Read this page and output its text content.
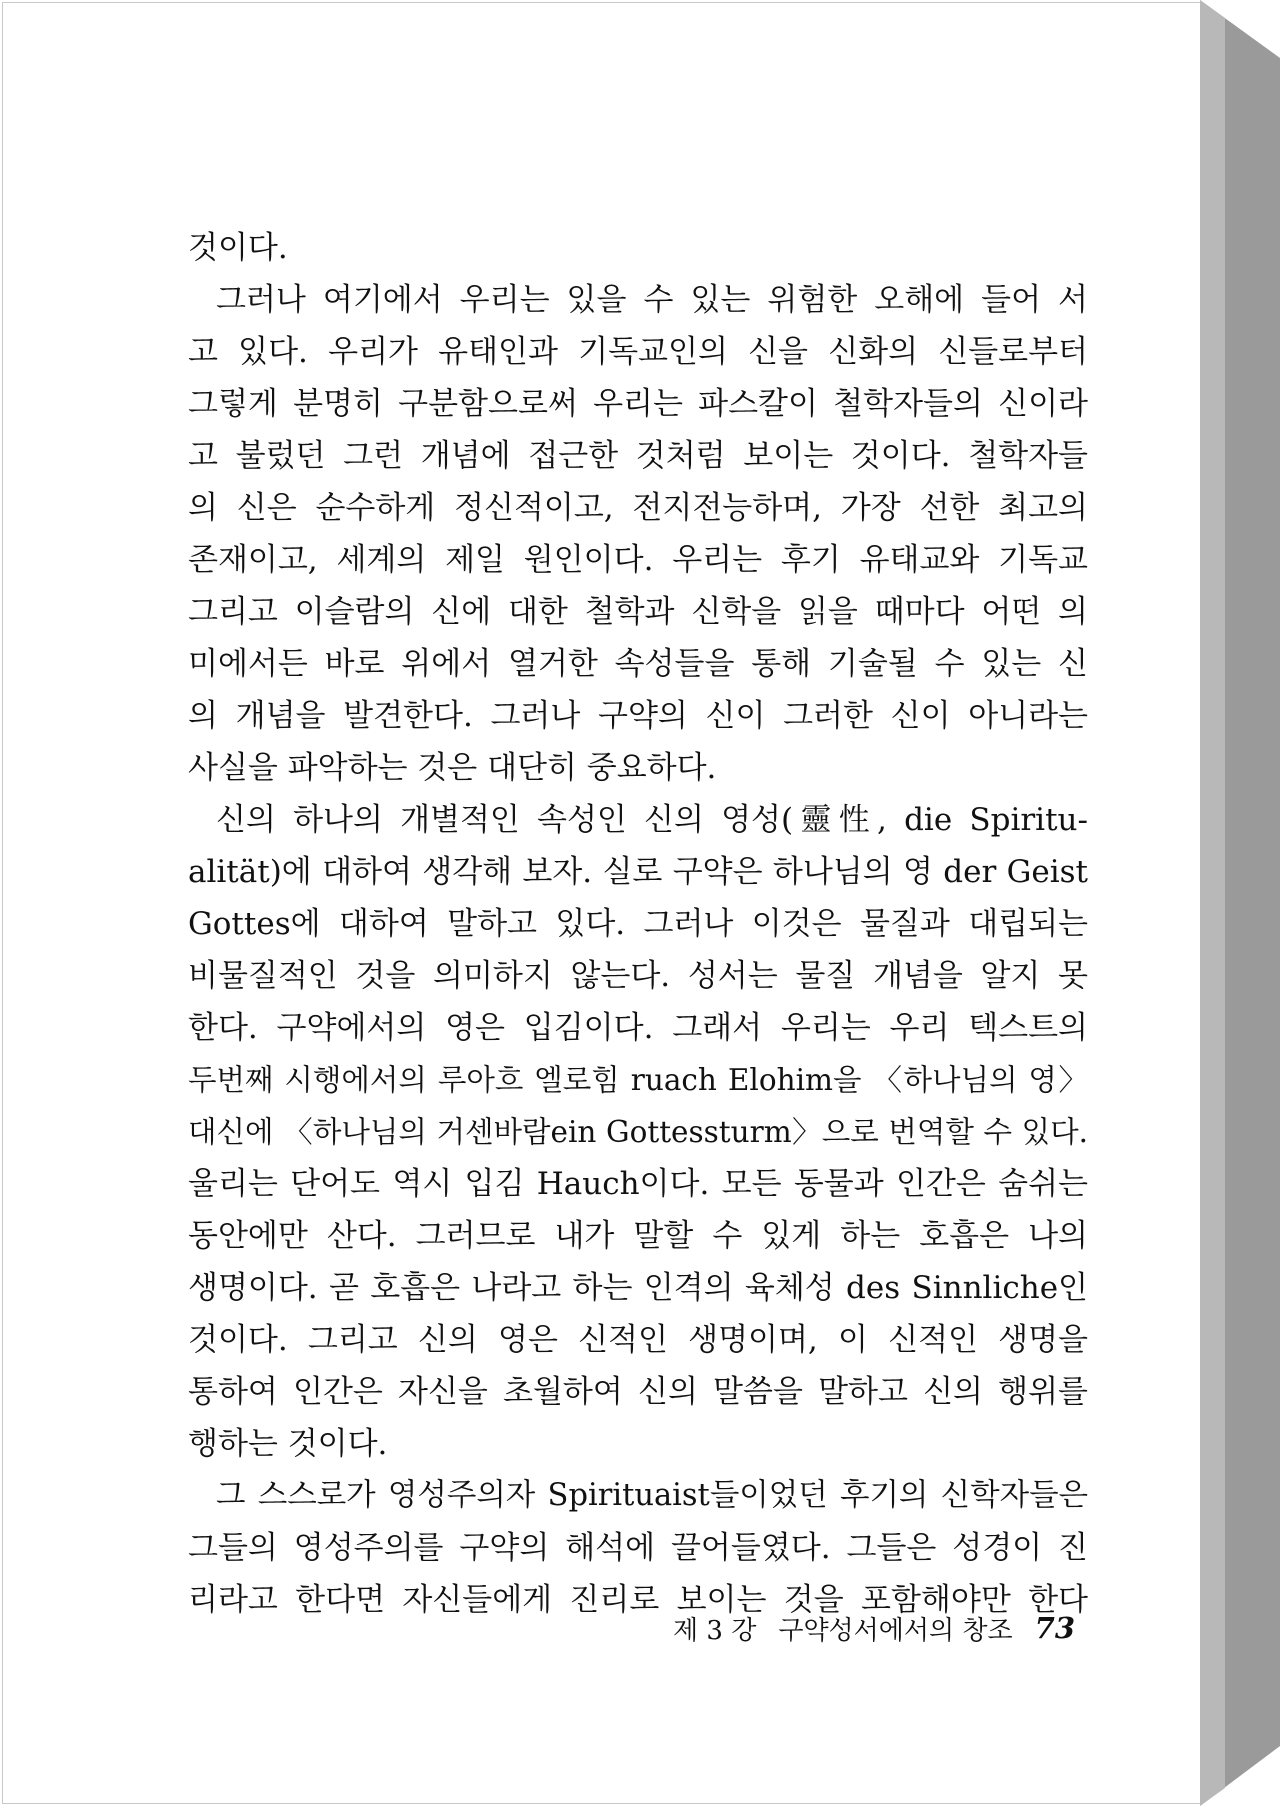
것이다.
그러나 여기에서 우리는 있을 수 있는 위험한 오해에 들어 서
고 있다. 우리가 유태인과 기독교인의 신을 신화의 신들로부터
그렇게 분명히 구분함으로써 우리는 파스칼이 철학자들의 신이라
고 불렀던 그런 개념에 접근한 것처럼 보이는 것이다. 철학자들
의 신은 순수하게 정신적이고, 전지전능하며, 가장 선한 최고의
존재이고, 세계의 제일 원인이다. 우리는 후기 유태교와 기독교
그리고 이슬람의 신에 대한 철학과 신학을 읽을 때마다 어떤 의
미에서든 바로 위에서 열거한 속성들을 통해 기술될 수 있는 신
의 개념을 발견한다. 그러나 구약의 신이 그러한 신이 아니라는
사실을 파악하는 것은 대단히 중요하다.
신의 하나의 개별적인 속성인 신의 영성(靈性, die Spiritu-
alität)에 대하여 생각해 보자. 실로 구약은 하나님의 영 der Geist
Gottes에 대하여 말하고 있다. 그러나 이것은 물질과 대립되는
비물질적인 것을 의미하지 않는다. 성서는 물질 개념을 알지 못
한다. 구약에서의 영은 입김이다. 그래서 우리는 우리 텍스트의
두번째 시행에서의 루아흐 엘로힘 ruach Elohim을 〈하나님의 영〉
대신에 〈하나님의 거센바람ein Gottessturm〉으로 번역할 수 있다.
울리는 단어도 역시 입김 Hauch이다. 모든 동물과 인간은 숨쉬는
동안에만 산다. 그러므로 내가 말할 수 있게 하는 호흡은 나의
생명이다. 곧 호흡은 나라고 하는 인격의 육체성 des Sinnliche인
것이다. 그리고 신의 영은 신적인 생명이며, 이 신적인 생명을
통하여 인간은 자신을 초월하여 신의 말씀을 말하고 신의 행위를
행하는 것이다.
그 스스로가 영성주의자 Spirituaist들이었던 후기의 신학자들은
그들의 영성주의를 구약의 해석에 끌어들였다. 그들은 성경이 진
리라고 한다면 자신들에게 진리로 보이는 것을 포함해야만 한다
제 3 강 구약성서에서의 창조 73
